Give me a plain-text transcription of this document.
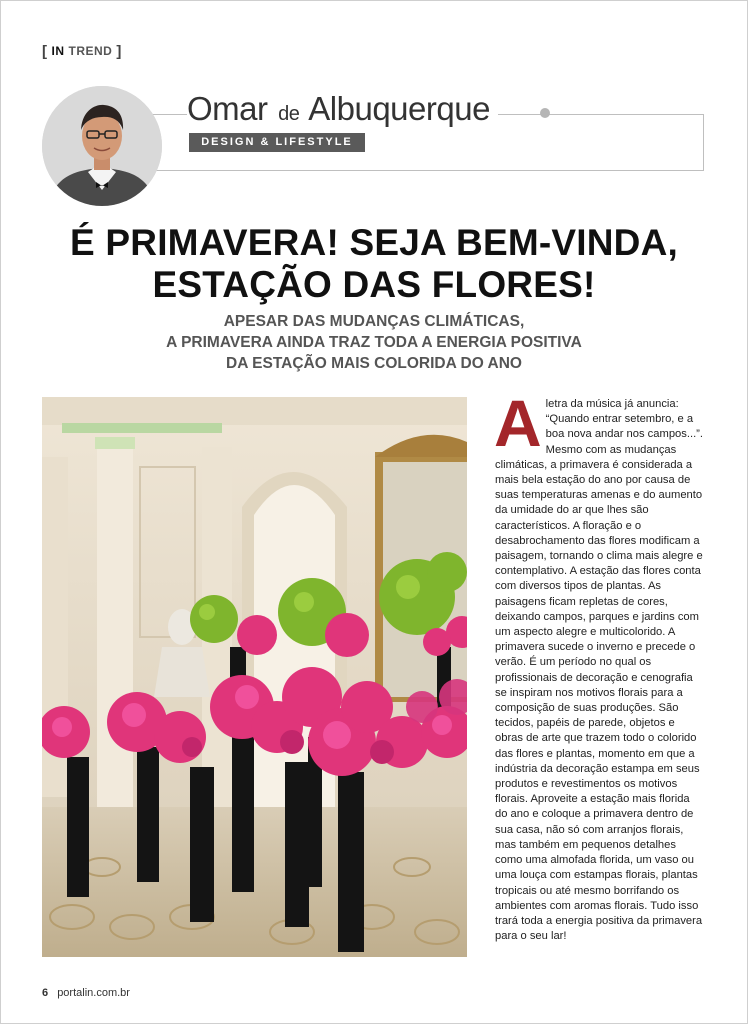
[ IN TREND ]
Omar de Albuquerque
DESIGN & LIFESTYLE
É PRIMAVERA! SEJA BEM-VINDA,
ESTAÇÃO DAS FLORES!
APESAR DAS MUDANÇAS CLIMÁTICAS,
A PRIMAVERA AINDA TRAZ TODA A ENERGIA POSITIVA
DA ESTAÇÃO MAIS COLORIDA DO ANO

A letra da música já anuncia: “Quando entrar setembro, e a boa nova andar nos campos...”. Mesmo com as mudanças climáticas, a primavera é considerada a mais bela estação do ano por causa de suas temperaturas amenas e do aumento da umidade do ar que lhes são característicos. A floração e o desabrochamento das flores modificam a paisagem, tornando o clima mais alegre e contemplativo. A estação das flores conta com diversos tipos de plantas. As paisagens ficam repletas de cores, deixando campos, parques e jardins com um aspecto alegre e multicolorido. A primavera sucede o inverno e precede o verão. É um período no qual os profissionais de decoração e cenografia se inspiram nos motivos florais para a composição de suas produções. São tecidos, papéis de parede, objetos e obras de arte que trazem todo o colorido das flores e plantas, momento em que a indústria da decoração estampa em seus produtos e revestimentos os motivos florais. Aproveite a estação mais florida do ano e coloque a primavera dentro de sua casa, não só com arranjos florais, mas também em pequenos detalhes como uma almofada florida, um vaso ou uma louça com estampas florais, plantas tropicais ou até mesmo borrifando os ambientes com aromas florais. Tudo isso trará toda a energia positiva da primavera para o seu lar!

6 portalin.com.br
